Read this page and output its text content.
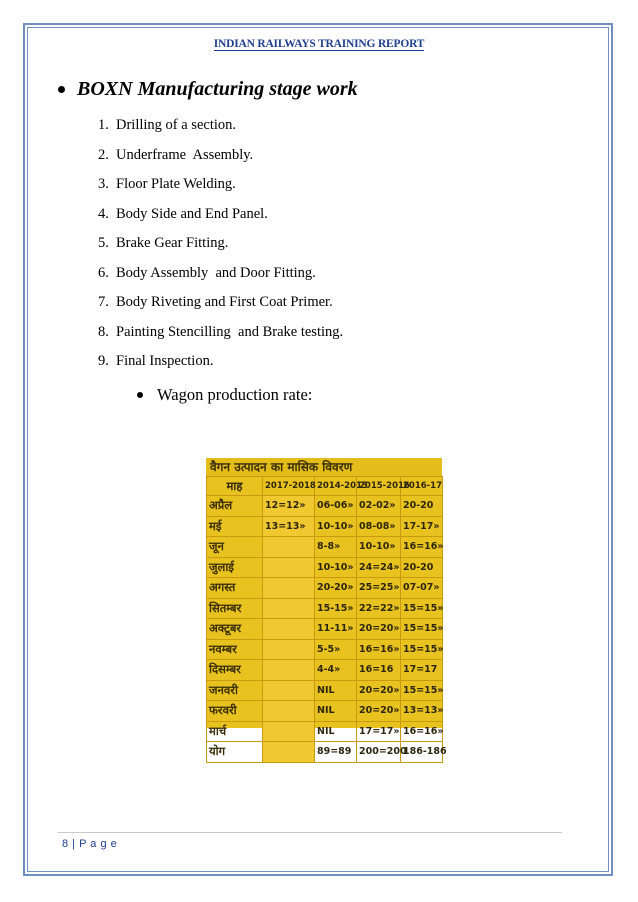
INDIAN RAILWAYS TRAINING REPORT
BOXN Manufacturing stage work
1. Drilling of a section.
2. Underframe  Assembly.
3. Floor Plate Welding.
4. Body Side and End Panel.
5. Brake Gear Fitting.
6. Body Assembly  and Door Fitting.
7. Body Riveting and First Coat Primer.
8. Painting Stencilling  and Brake testing.
9. Final Inspection.
Wagon production rate:
वैगन उत्पादन का मासिक विवरण
माह	2017-2018	2014-2015	2015-2016	2016-17
अप्रैल	12=12»	06-06»	02-02»	20-20
मई	13=13»	10-10»	08-08»	17-17»
जून		8-8»	10-10»	16=16»
जुलाई		10-10»	24=24»	20-20
अगस्त		20-20»	25=25»	07-07»
सितम्बर		15-15»	22=22»	15=15»
अक्टूबर		11-11»	20=20»	15=15»
नवम्बर		5-5»	16=16»	15=15»
दिसम्बर		4-4»	16=16	17=17
जनवरी		NIL	20=20»	15=15»
फरवरी		NIL	20=20»	13=13»
मार्च		NIL	17=17»	16=16»
योग		89=89	200=200	186-186
8 | P a g e
